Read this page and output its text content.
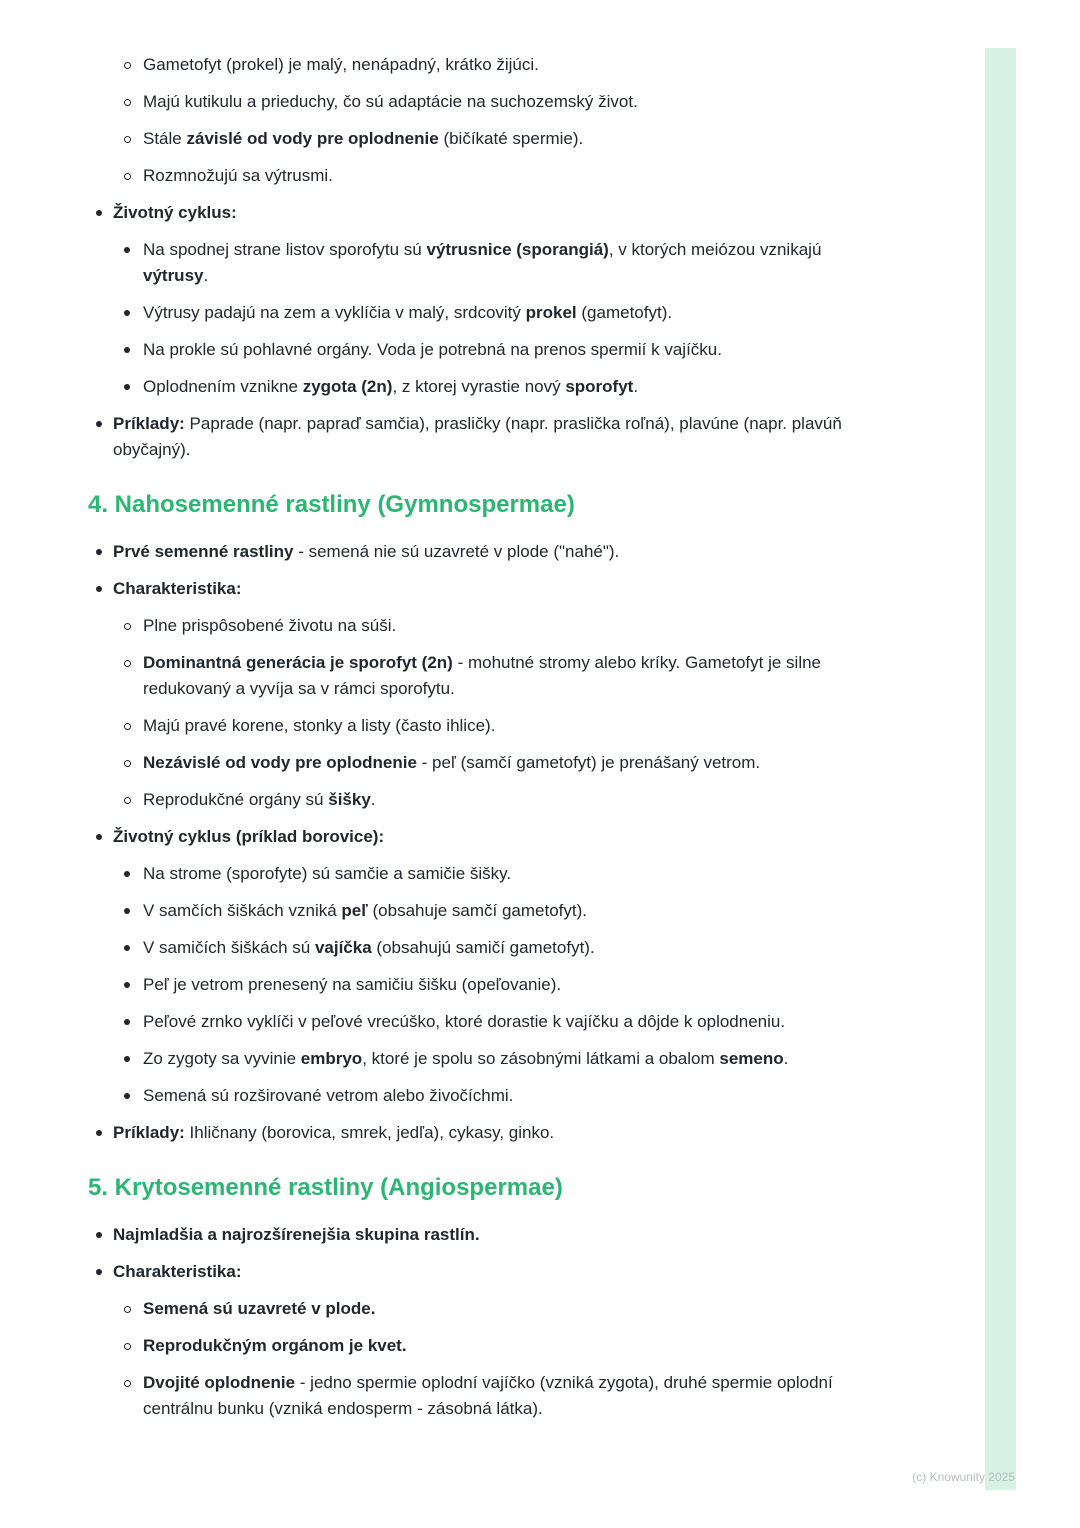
Gametofyt (prokel) je malý, nenápadný, krátko žijúci.
Majú kutikulu a prieduchy, čo sú adaptácie na suchozemský život.
Stále závislé od vody pre oplodnenie (bičíkaté spermie).
Rozmnožujú sa výtrusmi.
Životný cyklus:
Na spodnej strane listov sporofytu sú výtrusnice (sporangiá), v ktorých meiózou vznikajú výtrusy.
Výtrusy padajú na zem a vyklíčia v malý, srdcovitý prokel (gametofyt).
Na prokle sú pohlavné orgány. Voda je potrebná na prenos spermií k vajíčku.
Oplodnením vznikne zygota (2n), z ktorej vyrastie nový sporofyt.
Príklady: Paprade (napr. papraď samčia), prasličky (napr. praslička roľná), plavúne (napr. plavúň obyčajný).
4. Nahosemenné rastliny (Gymnospermae)
Prvé semenné rastliny - semená nie sú uzavreté v plode ("nahé").
Charakteristika:
Plne prispôsobené životu na súši.
Dominantná generácia je sporofyt (2n) - mohutné stromy alebo kríky. Gametofyt je silne redukovaný a vyvíja sa v rámci sporofytu.
Majú pravé korene, stonky a listy (často ihlice).
Nezávislé od vody pre oplodnenie - peľ (samčí gametofyt) je prenášaný vetrom.
Reprodukčné orgány sú šišky.
Životný cyklus (príklad borovice):
Na strome (sporofyte) sú samčie a samičie šišky.
V samčích šiškách vzniká peľ (obsahuje samčí gametofyt).
V samičích šiškách sú vajíčka (obsahujú samičí gametofyt).
Peľ je vetrom prenesený na samičiu šišku (opeľovanie).
Peľové zrnko vyklíči v peľové vrecúško, ktoré dorastie k vajíčku a dôjde k oplodneniu.
Zo zygoty sa vyvinie embryo, ktoré je spolu so zásobnými látkami a obalom semeno.
Semená sú rozširované vetrom alebo živočíchmi.
Príklady: Ihličnany (borovica, smrek, jedľa), cykasy, ginko.
5. Krytosemenné rastliny (Angiospermae)
Najmladšia a najrozšírenejšia skupina rastlín.
Charakteristika:
Semená sú uzavreté v plode.
Reprodukčným orgánom je kvet.
Dvojité oplodnenie - jedno spermie oplodní vajíčko (vzniká zygota), druhé spermie oplodní centrálnu bunku (vzniká endosperm - zásobná látka).
(c) Knowunity 2025
